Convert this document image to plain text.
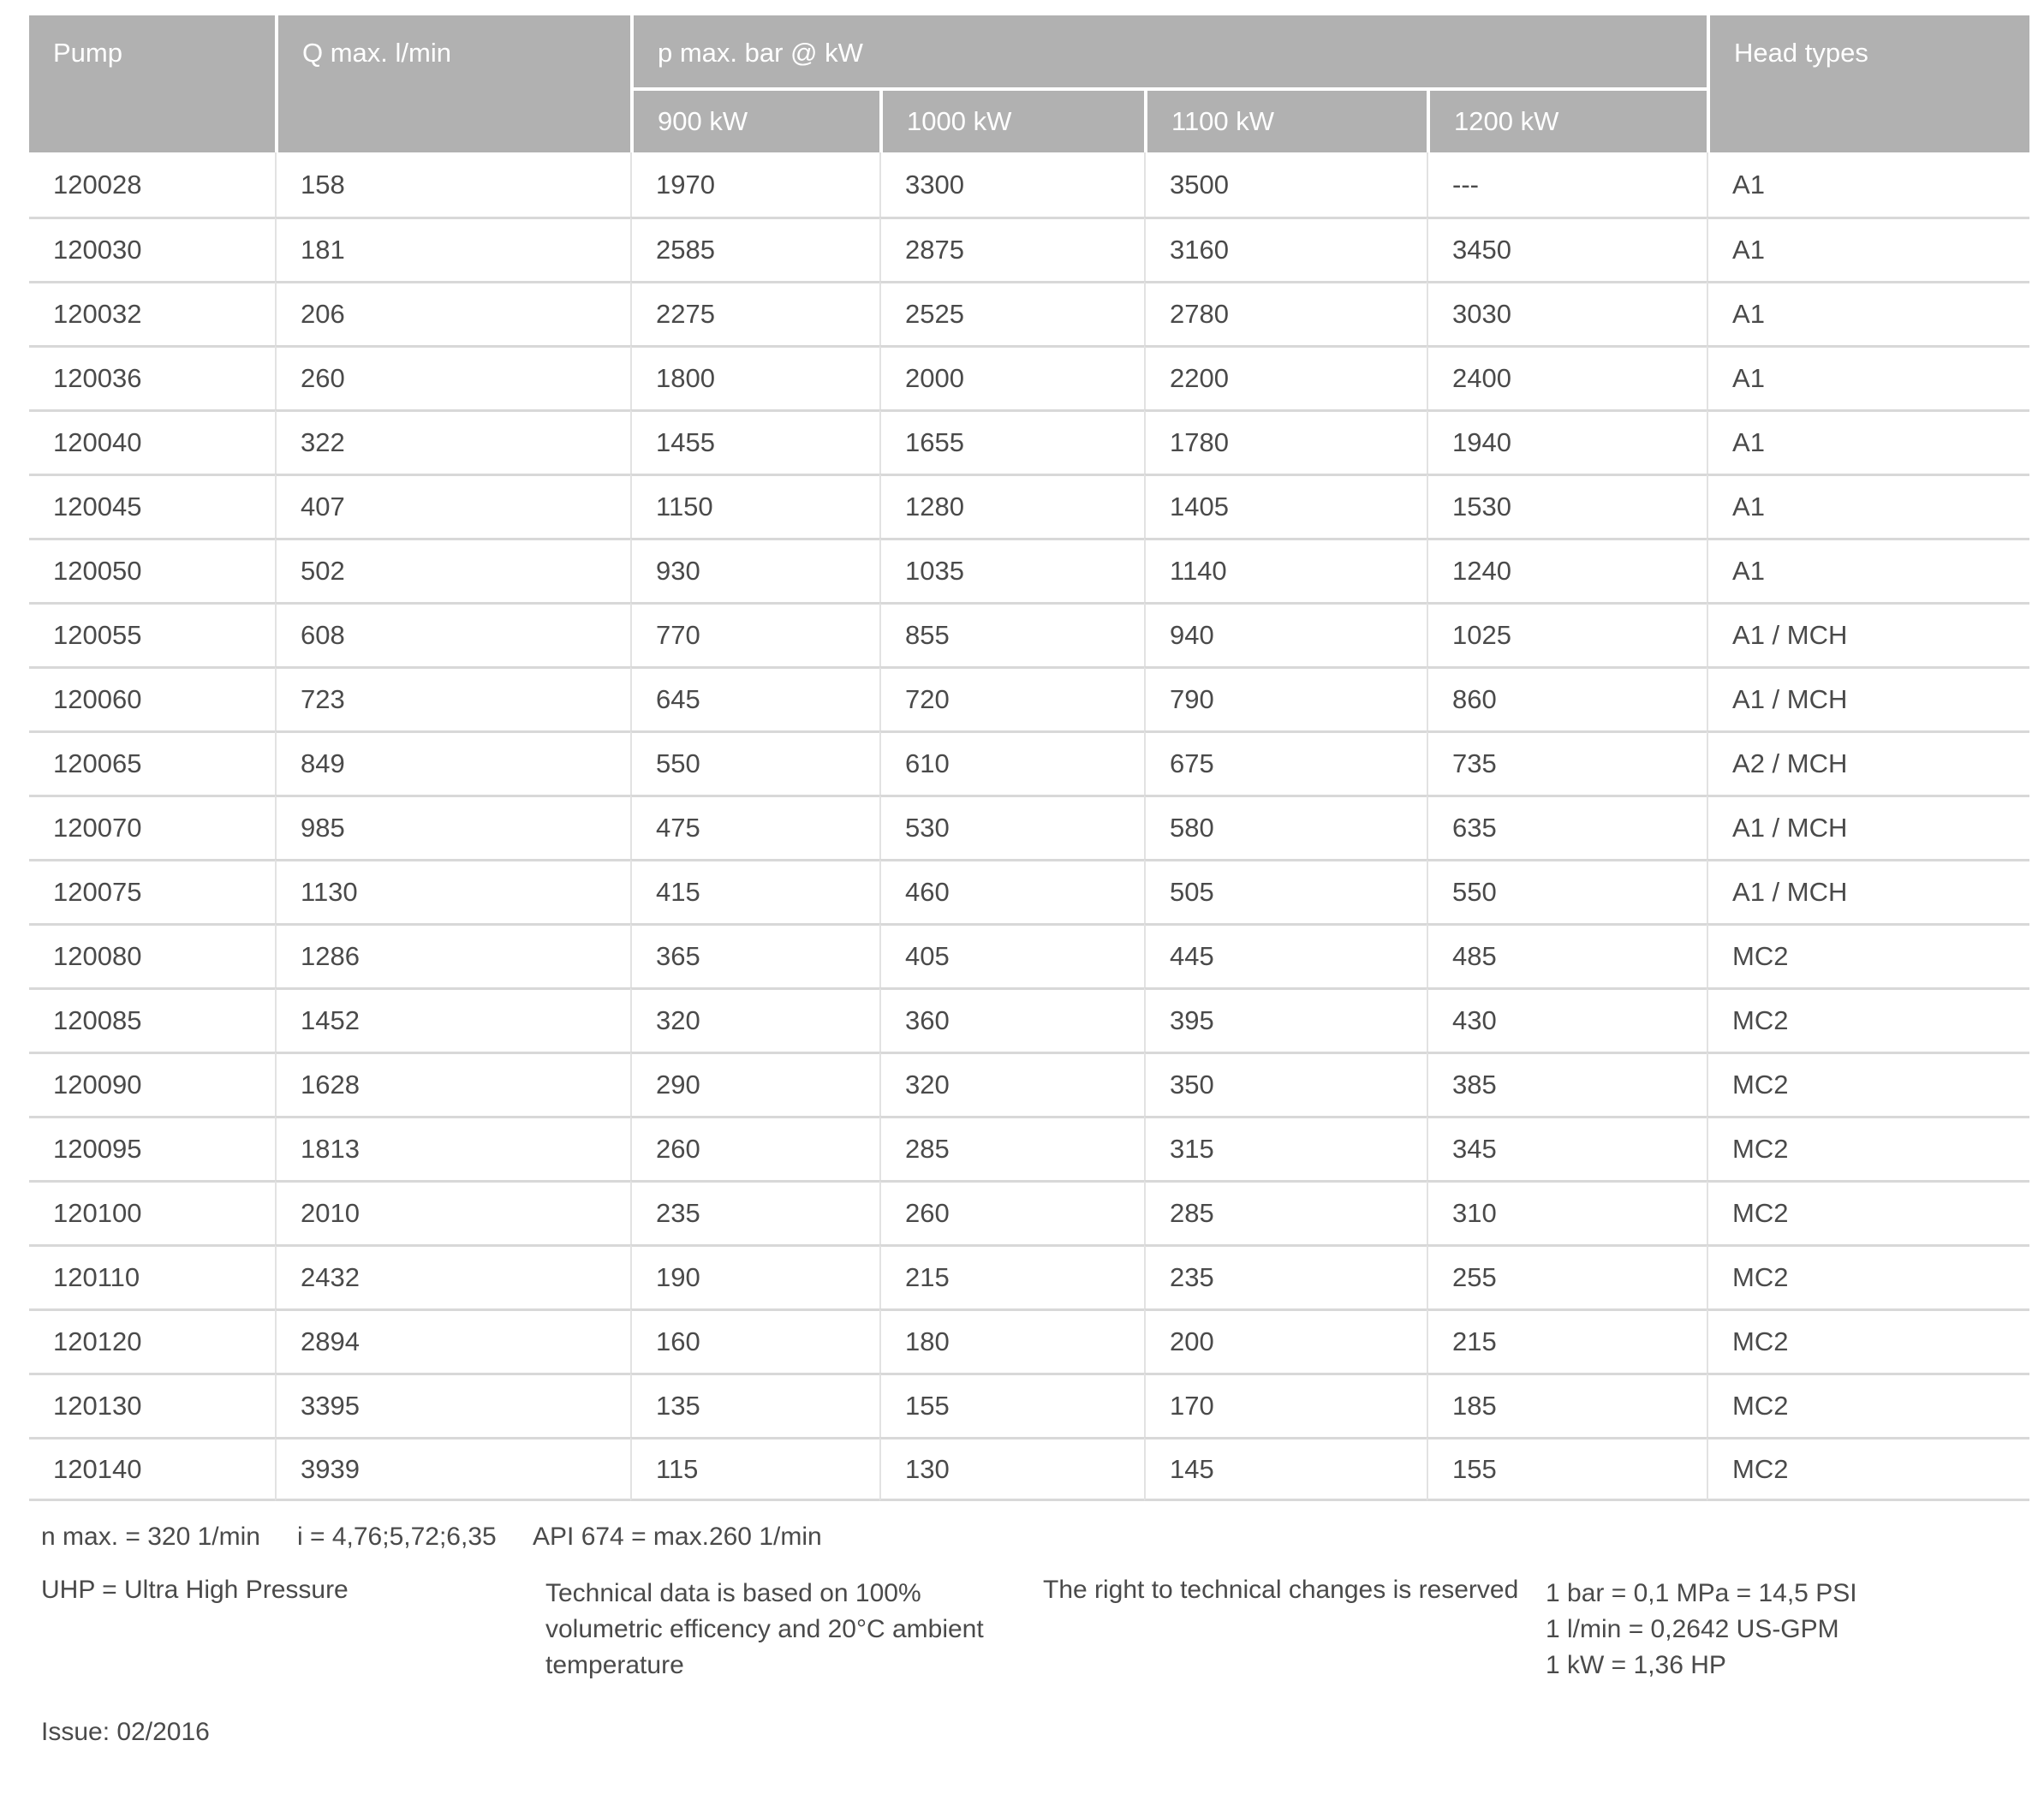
Pump	Q max. l/min	p max. bar @ kW				Head types
		900 kW	1000 kW	1100 kW	1200 kW	
120028	158	1970	3300	3500	---	A1
120030	181	2585	2875	3160	3450	A1
120032	206	2275	2525	2780	3030	A1
120036	260	1800	2000	2200	2400	A1
120040	322	1455	1655	1780	1940	A1
120045	407	1150	1280	1405	1530	A1
120050	502	930	1035	1140	1240	A1
120055	608	770	855	940	1025	A1 / MCH
120060	723	645	720	790	860	A1 / MCH
120065	849	550	610	675	735	A2 / MCH
120070	985	475	530	580	635	A1 / MCH
120075	1130	415	460	505	550	A1 / MCH
120080	1286	365	405	445	485	MC2
120085	1452	320	360	395	430	MC2
120090	1628	290	320	350	385	MC2
120095	1813	260	285	315	345	MC2
120100	2010	235	260	285	310	MC2
120110	2432	190	215	235	255	MC2
120120	2894	160	180	200	215	MC2
120130	3395	135	155	170	185	MC2
120140	3939	115	130	145	155	MC2
n max. = 320 1/min i = 4,76;5,72;6,35 API 674 = max.260 1/min
UHP = Ultra High Pressure	Technical data is based on 100%
volumetric efficency and 20°C ambient
temperature
The right to technical changes is reserved 1 bar = 0,1 MPa = 14,5 PSI
1 l/min = 0,2642 US-GPM
1 kW = 1,36 HP
Issue: 02/2016
